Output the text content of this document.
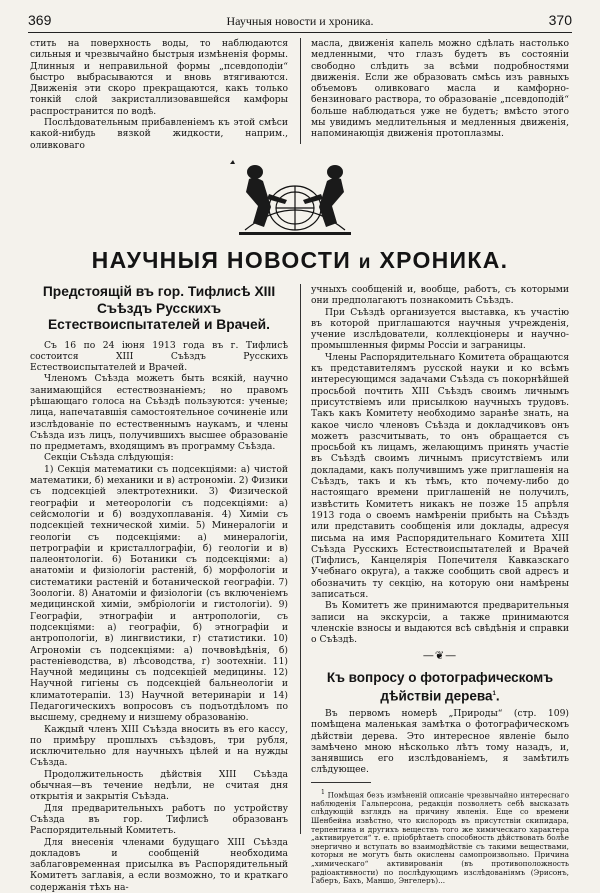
369	Научныя новости и хроника.	370

стить на поверхность воды, то наблюдаются сильныя и чрезвычайно быстрыя измѣненія формы. Длинныя и неправильной формы „псевдоподіи“ быстро выбрасываются и вновь втягиваются. Движенія эти скоро прекращаются, какъ только тонкій слой закристаллизовавшейся камфоры распространится по водѣ.

Послѣдовательным прибавленіемъ къ этой смѣси какой-нибудь вязкой жидкости, наприм., оливковаго

масла, движенія капель можно сдѣлать настолько медленными, что глазъ будетъ въ состояніи свободно слѣдить за всѣми подробностями движенія. Если же образовать смѣсь изъ равныхъ объемовъ оливковаго масла и камфорно-бензиноваго раствора, то образованіе „псевдоподій“ больше наблюдаться уже не будетъ; вмѣсто этого мы увидимъ медлительныя и медленныя движенія, напоминающія движенія протоплазмы.

НАУЧНЫЯ НОВОСТИ и ХРОНИКА.
Предстоящій въ гор. Тифлисѣ XIII Съѣздъ Русскихъ Естествоиспытателей и Врачей.

Съ 16 по 24 іюня 1913 года въ г. Тифлисѣ состоится XIII Съѣздъ Русскихъ Естествоиспытателей и Врачей.

Членомъ Съѣзда можетъ быть всякій, научно занимающійся естествознаніемъ; но правомъ рѣшающаго голоса на Съѣздѣ пользуются: ученые; лица, напечатавшія самостоятельное сочиненіе или изслѣдованіе по естественнымъ наукамъ, и члены Съѣзда изъ лицъ, получившихъ высшее образованіе по предметамъ, входящимъ въ программу Съѣзда.

Секціи Съѣзда слѣдующія:

1) Секція математики съ подсекціями: а) чистой математики, б) механики и в) астрономіи. 2) Физики съ подсекціей электротехники. 3) Физической географіи и метеорологіи съ подсекціями: а) сейсмологіи и б) воздухоплаванія. 4) Химіи съ подсекціей технической химіи. 5) Минералогіи и геологіи съ подсекціями: а) минералогіи, петрографіи и кристаллографіи, б) геологіи и в) палеонтологіи. 6) Ботаники съ подсекціями: а) анатоміи и физіологіи растеній, б) морфологіи и систематики растеній и ботанической географіи. 7) Зоологіи. 8) Анатоміи и физіологіи (съ включеніемъ медицинской химіи, эмбріологіи и гистологіи). 9) Географіи, этнографіи и антропологіи, съ подсекціями: а) географіи, б) этнографіи и антропологіи, в) лингвистики, г) статистики. 10) Агрономіи съ подсекціями: а) почвовѣдѣнія, б) растеніеводства, в) лѣсоводства, г) зоотехніи. 11) Научной медицины съ подсекціей медицины. 12) Научной гигіены съ подсекціей бальнеологіи и климатотерапіи. 13) Научной ветеринаріи и 14) Педагогическихъ вопросовъ съ подъотдѣломъ по высшему, среднему и низшему образованію.

Каждый членъ XIII Съѣзда вносить въ его кассу, по примѣру прошлыхъ съѣздовъ, три рубля, исключительно для научныхъ цѣлей и на нужды Съѣзда.

Продолжительность дѣйствія XIII Съѣзда обычная—въ течение недѣли, не считая дня открытія и закрытія Съѣзда.

Для предварительныхъ работъ по устройству Съѣзда въ гор. Тифлисѣ образованъ Распорядительный Комитетъ.

Для внесенія членами будущаго XIII Съѣзда докладовъ и сообщеній необходима заблаговременная присылка въ Распорядительный Комитетъ заглавія, а если возможно, то и краткаго содержанія тѣхъ на-

учныхъ сообщеній и, вообще, работъ, съ которыми они предполагаютъ познакомить Съѣздъ.

При Съѣздѣ организуется выставка, къ участію въ которой приглашаются научныя учрежденія, учение изслѣдователи, коллекціонеры и научно-промышленныя фирмы Россіи и заграницы.

Члены Распорядительнаго Комитета обращаются къ представителямъ русской науки и ко всѣмъ интересующимся задачами Съѣзда съ покорнѣйшей просьбой почтить XIII Съѣздъ своимъ личнымъ присутствіемъ или присылкою научныхъ трудовъ. Такъ какъ Комитету необходимо заранѣе знать, на какое число членовъ Съѣзда и докладчиковъ онъ можетъ разсчитывать, то онъ обращается съ просьбой къ лицамъ, желающимъ принять участіе въ Съѣздѣ своимъ личнымъ присутствіемъ или докладами, какъ получившимъ уже приглашенія на Съѣздъ, такъ и къ тѣмъ, кто почему-либо до настоящаго времени приглашеній не получилъ, извѣстить Комитетъ никакъ не позже 15 апрѣля 1913 года о своемъ намѣреніи прибыть на Съѣздъ или представить сообщенія или доклады, адресуя письма на имя Распорядительнаго Комитета XIII Съѣзда Русскихъ Естествоиспытателей и Врачей (Тифлисъ, Канцелярія Попечителя Кавказскаго Учебнаго округа), а также сообщить свой адресъ и обозначить ту секцію, на которую они намѣрены записаться.

Въ Комитетъ же принимаются предварительныя записи на экскурсіи, а также принимаются членскіе взносы и выдаются всѣ свѣдѣнія и справки о Съѣздѣ.

—❦—
Къ вопросу о фотографическомъ дѣйствіи дерева$^1$.

Въ первомъ номерѣ „Природы“ (стр. 109) помѣщена маленькая замѣтка о фотографическомъ дѣйствіи дерева. Это интересное явленіе было замѣчено мною нѣсколько лѣтъ тому назадъ, и, занявшись его изслѣдованіемъ, я замѣтилъ слѣдующее.

$^1$ Помѣщая безъ измѣненій описаніе чрезвычайно интереснаго наблюденія Гальперсона, редакція позволяетъ себѣ высказать слѣдующій взглядъ на причину явленія. Еще со времени Шенбейна извѣстно, что кислородъ въ присутствіи скипидара, терпентина и другихъ веществъ того же химическаго характера „активируется“ т. е. пріобрѣтаетъ способность дѣйствовать болѣе энергично и вступать во взаимодѣйствіе съ такими веществами, которыя не могутъ быть окислены самопроизвольно. Причина „химическаго“ активированія (въ противоположность радіоактивности) по послѣдующимъ изслѣдованіямъ (Эрисонъ, Габеръ, Бахъ, Маншо, Энгелеръ)...
